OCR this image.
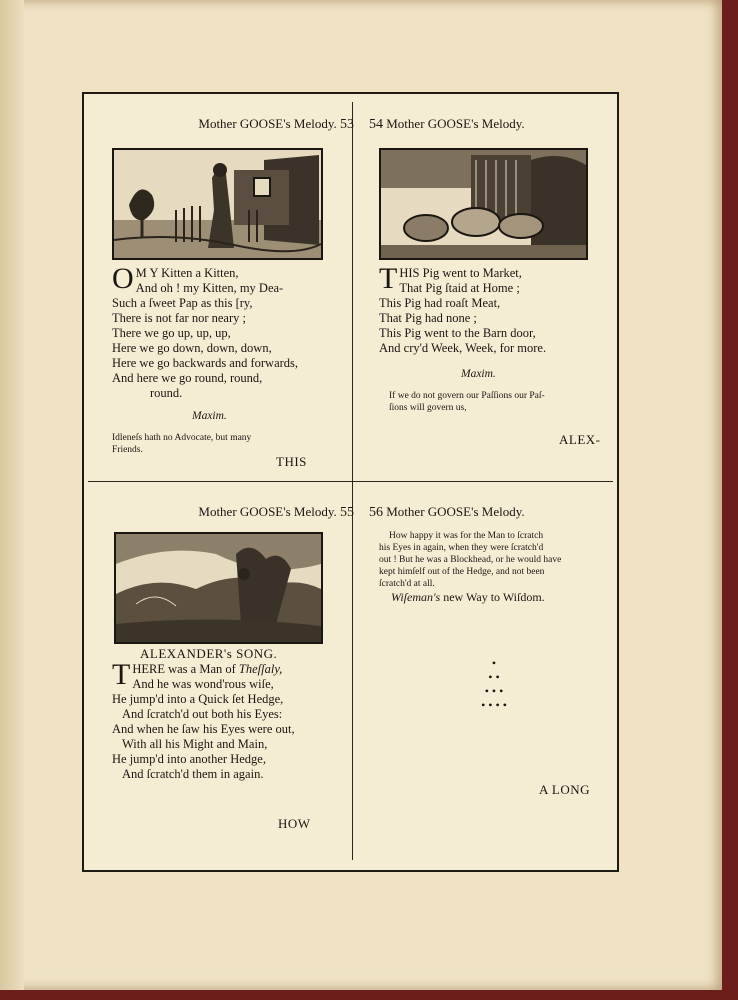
Mother GOOSE's Melody. 53
O M Y Kitten a Kitten,
And oh ! my Kitten, my Dea-
Such a ſweet Pap as this [ry,
There is not far nor neary ;
There we go up, up, up,
Here we go down, down, down,
Here we go backwards and forwards,
And here we go round, round,
round.
Maxim.
Idleneſs hath no Advocate, but many
Friends.
THIS
54 Mother GOOSE's Melody.
T HIS Pig went to Market,
That Pig ſtaid at Home ;
This Pig had roaſt Meat,
That Pig had none ;
This Pig went to the Barn door,
And cry'd Week, Week, for more.
Maxim.
If we do not govern our Paſſions our Paſ-
ſions will govern us,
ALEX-
Mother GOOSE's Melody. 55
ALEXANDER's SONG.
T HERE was a Man of Theſſaly,
And he was wond'rous wiſe,
He jump'd into a Quick ſet Hedge,
And ſcratch'd out both his Eyes:
And when he ſaw his Eyes were out,
With all his Might and Main,
He jump'd into another Hedge,
And ſcratch'd them in again.
HOW
56 Mother GOOSE's Melody.
How happy it was for the Man to ſcratch
his Eyes in again, when they were ſcratch'd
out ! But he was a Blockhead, or he would have
kept himſelf out of the Hedge, and not been
ſcratch'd at all.
Wiſeman's new Way to Wiſdom.
•
• •
• • •
• • • •
A LONG
